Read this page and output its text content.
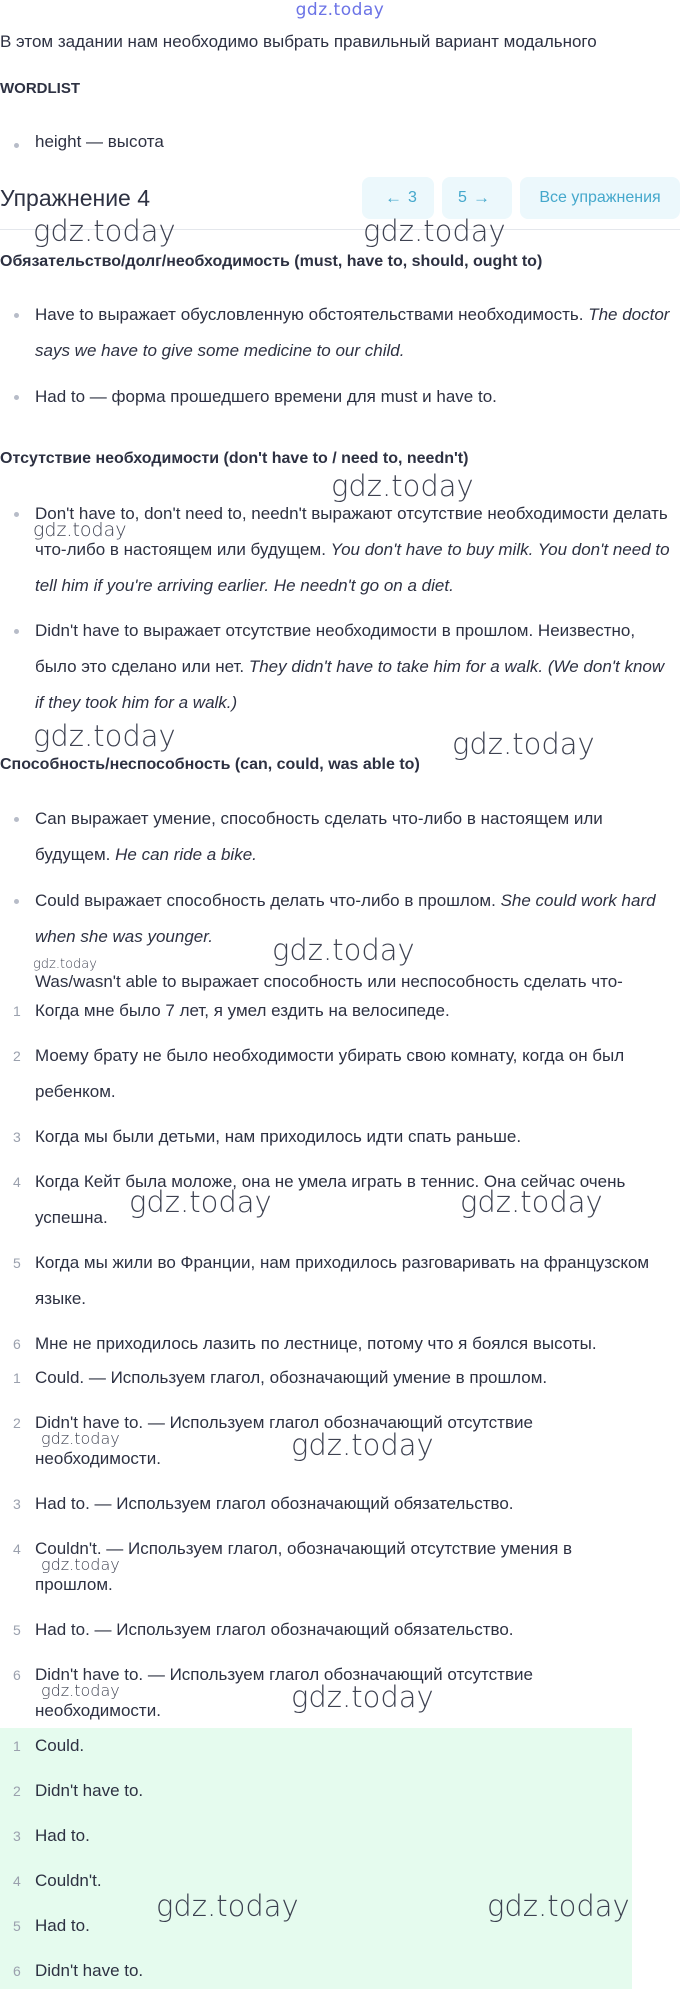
gdz.today
В этом задании нам необходимо выбрать правильный вариант модального
WORDLIST
height — высота
Упражнение 4	← 3	5 →	Все упражнения
Обязательство/долг/необходимость (must, have to, should, ought to)
Have to выражает обусловленную обстоятельствами необходимость. The doctor says we have to give some medicine to our child.
Had to — форма прошедшего времени для must и have to.
Отсутствие необходимости (don't have to / need to, needn't)
Don't have to, don't need to, needn't выражают отсутствие необходимости делать что-либо в настоящем или будущем. You don't have to buy milk. You don't need to tell him if you're arriving earlier. He needn't go on a diet.
Didn't have to выражает отсутствие необходимости в прошлом. Неизвестно, было это сделано или нет. They didn't have to take him for a walk. (We don't know if they took him for a walk.)
Способность/неспособность (can, could, was able to)
Can выражает умение, способность сделать что-либо в настоящем или будущем. He can ride a bike.
Could выражает способность делать что-либо в прошлом. She could work hard when she was younger.
Was/wasn't able to выражает способность или неспособность сделать что-
1 Когда мне было 7 лет, я умел ездить на велосипеде.
2 Моему брату не было необходимости убирать свою комнату, когда он был ребенком.
3 Когда мы были детьми, нам приходилось идти спать раньше.
4 Когда Кейт была моложе, она не умела играть в теннис. Она сейчас очень успешна.
5 Когда мы жили во Франции, нам приходилось разговаривать на французском языке.
6 Мне не приходилось лазить по лестнице, потому что я боялся высоты.
1 Could. — Используем глагол, обозначающий умение в прошлом.
2 Didn't have to. — Используем глагол обозначающий отсутствие необходимости.
3 Had to. — Используем глагол обозначающий обязательство.
4 Couldn't. — Используем глагол, обозначающий отсутствие умения в прошлом.
5 Had to. — Используем глагол обозначающий обязательство.
6 Didn't have to. — Используем глагол обозначающий отсутствие необходимости.
1 Could.
2 Didn't have to.
3 Had to.
4 Couldn't.
5 Had to.
6 Didn't have to.
gdz.today	gdz.today
gdz.today
gdz.today
gdz.today	gdz.today
gdz.today
gdz.today
gdz.today	gdz.today
gdz.today	gdz.today
gdz.today
gdz.today	gdz.today
gdz.today	gdz.today
